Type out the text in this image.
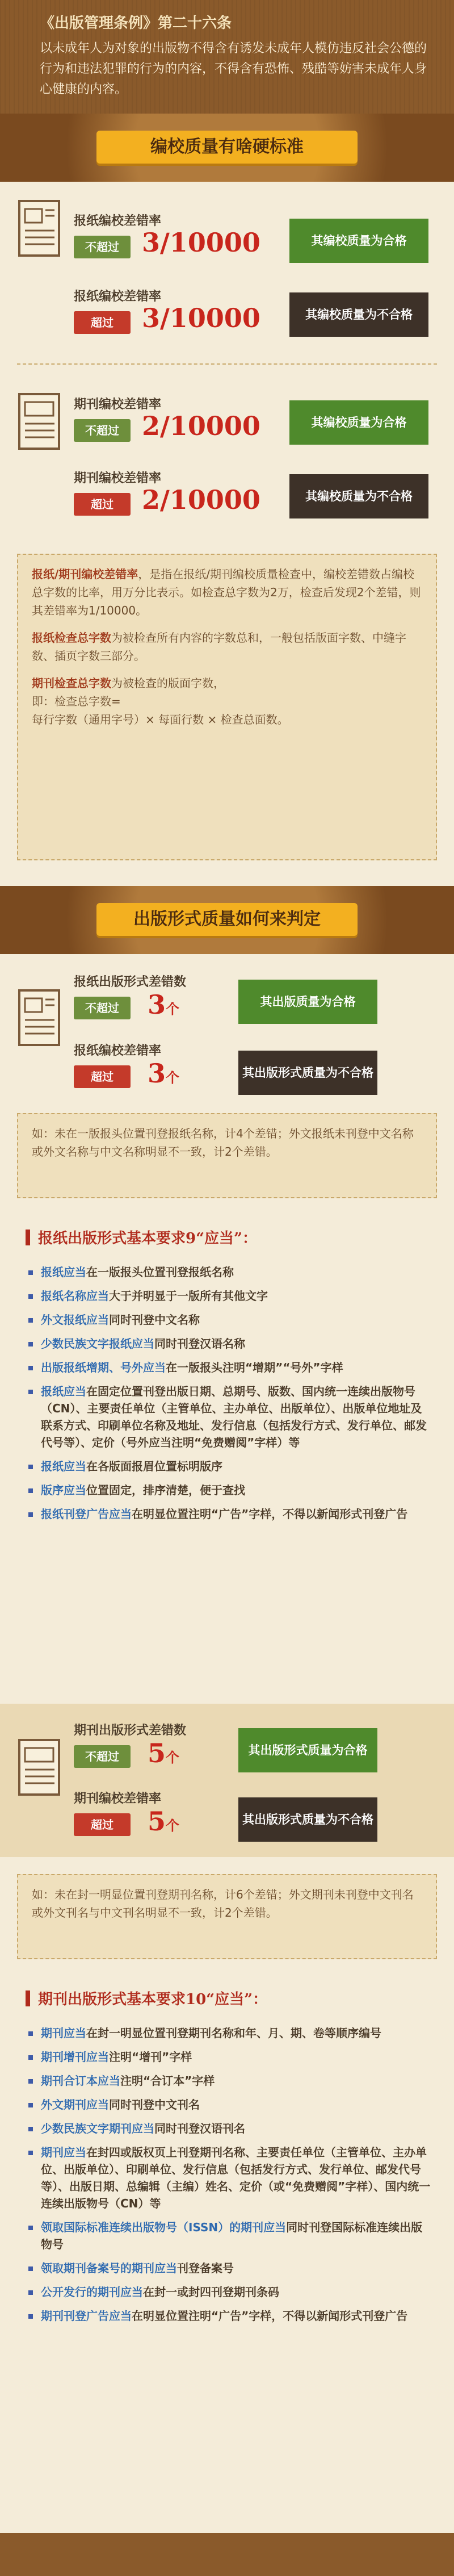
《出版管理条例》第二十六条
以未成年人为对象的出版物不得含有诱发未成年人模仿违反社会公德的行为和违法犯罪的行为的内容，不得含有恐怖、残酷等妨害未成年人身心健康的内容。
编校质量有啥硬标准
报纸编校差错率
不超过 3/10000	其编校质量为合格
报纸编校差错率
超过	3/10000	其编校质量为不合格
期刊编校差错率
不超过 2/10000	其编校质量为合格
期刊编校差错率
超过	2/10000	其编校质量为不合格

报纸/期刊编校差错率，是指在报纸/期刊编校质量检查中，编校差错数占编校总字数的比率，用万分比表示。如检查总字数为2万，检查后发现2个差错，则其差错率为1/10000。

报纸检查总字数为被检查所有内容的字数总和，一般包括版面字数、中缝字数、插页字数三部分。

期刊检查总字数为被检查的版面字数，
即：检查总字数=
每行字数（通用字号）× 每面行数 × 检查总面数。

出版形式质量如何来判定
报纸出版形式差错数
不超过	3个	其出版质量为合格
报纸编校差错率
超过	3个	其出版形式质量为不合格
如：未在一版报头位置刊登报纸名称，计4个差错；外文报纸未刊登中文名称或外文名称与中文名称明显不一致，计2个差错。
报纸出版形式基本要求9“应当”：
报纸应当在一版报头位置刊登报纸名称
报纸名称应当大于并明显于一版所有其他文字
外文报纸应当同时刊登中文名称
少数民族文字报纸应当同时刊登汉语名称
出版报纸增期、号外应当在一版报头注明“增期”“号外”字样
报纸应当在固定位置刊登出版日期、总期号、版数、国内统一连续出版物号（CN）、主要责任单位（主管单位、主办单位、出版单位）、出版单位地址及联系方式、印刷单位名称及地址、发行信息（包括发行方式、发行单位、邮发代号等）、定价（号外应当注明“免费赠阅”字样）等
报纸应当在各版面报眉位置标明版序
版序应当位置固定，排序清楚，便于查找
报纸刊登广告应当在明显位置注明“广告”字样，不得以新闻形式刊登广告
期刊出版形式差错数
不超过	5个	其出版形式质量为合格
期刊编校差错率
超过	5个	其出版形式质量为不合格
如：未在封一明显位置刊登期刊名称，计6个差错；外文期刊未刊登中文刊名或外文刊名与中文刊名明显不一致，计2个差错。
期刊出版形式基本要求10“应当”：
期刊应当在封一明显位置刊登期刊名称和年、月、期、卷等顺序编号
期刊增刊应当注明“增刊”字样
期刊合订本应当注明“合订本”字样
外文期刊应当同时刊登中文刊名
少数民族文字期刊应当同时刊登汉语刊名
期刊应当在封四或版权页上刊登期刊名称、主要责任单位（主管单位、主办单位、出版单位）、印刷单位、发行信息（包括发行方式、发行单位、邮发代号等）、出版日期、总编辑（主编）姓名、定价（或“免费赠阅”字样）、国内统一连续出版物号（CN）等
领取国际标准连续出版物号（ISSN）的期刊应当同时刊登国际标准连续出版物号
领取期刊备案号的期刊应当刊登备案号
公开发行的期刊应当在封一或封四刊登期刊条码
期刊刊登广告应当在明显位置注明“广告”字样，不得以新闻形式刊登广告
